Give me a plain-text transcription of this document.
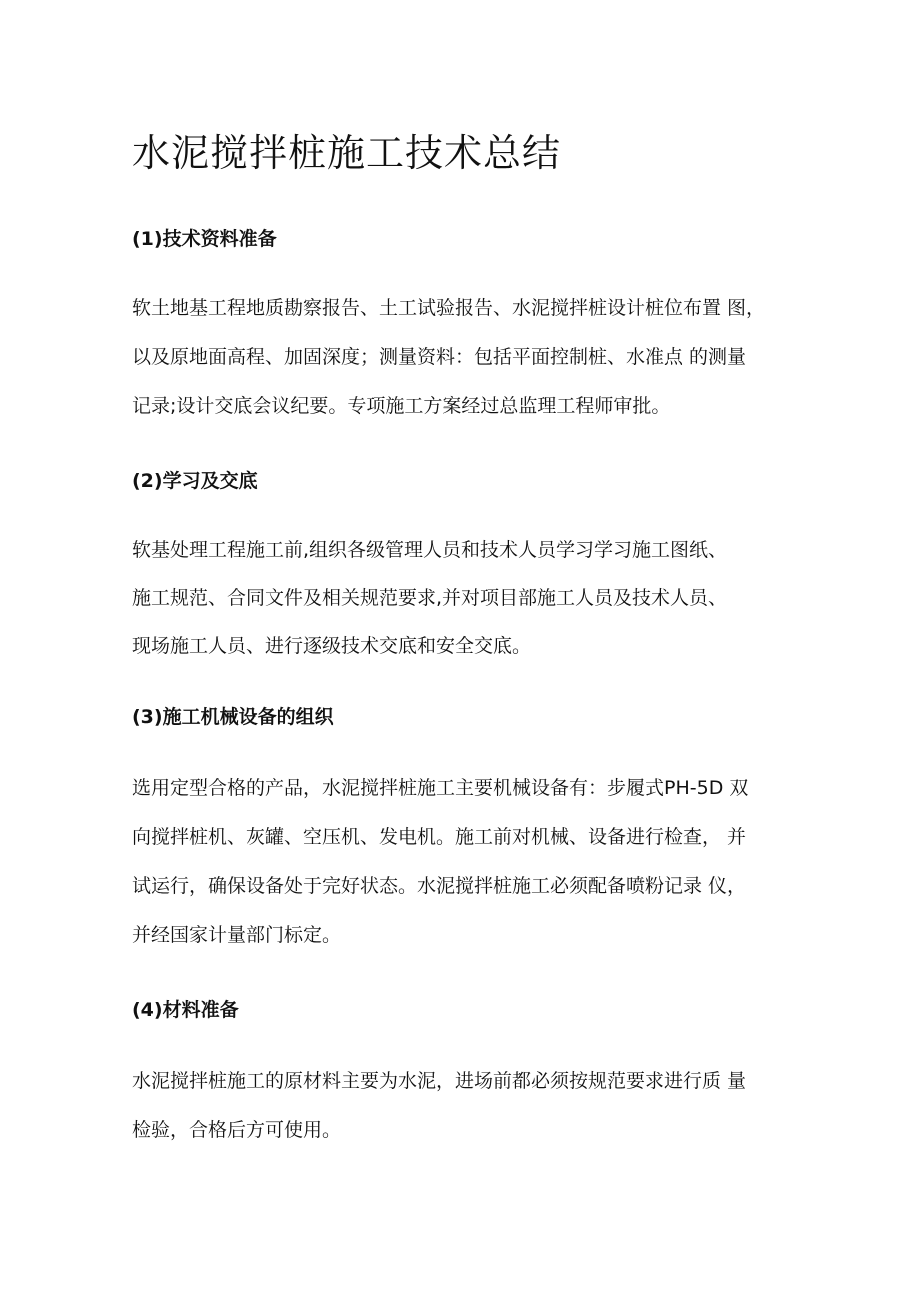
水泥搅拌桩施工技术总结
(1)技术资料准备

软土地基工程地质勘察报告、土工试验报告、水泥搅拌桩设计桩位布置 图，

以及原地面高程、加固深度；测量资料：包括平面控制桩、水准点 的测量

记录;设计交底会议纪要。专项施工方案经过总监理工程师审批。

(2)学习及交底

软基处理工程施工前,组织各级管理人员和技术人员学习学习施工图纸、

施工规范、合同文件及相关规范要求,并对项目部施工人员及技术人员、

现场施工人员、进行逐级技术交底和安全交底。

(3)施工机械设备的组织

选用定型合格的产品，水泥搅拌桩施工主要机械设备有：步履式PH-5D 双

向搅拌桩机、灰罐、空压机、发电机。施工前对机械、设备进行检查， 并

试运行，确保设备处于完好状态。水泥搅拌桩施工必须配备喷粉记录 仪，

并经国家计量部门标定。

(4)材料准备

水泥搅拌桩施工的原材料主要为水泥，进场前都必须按规范要求进行质 量

检验，合格后方可使用。
